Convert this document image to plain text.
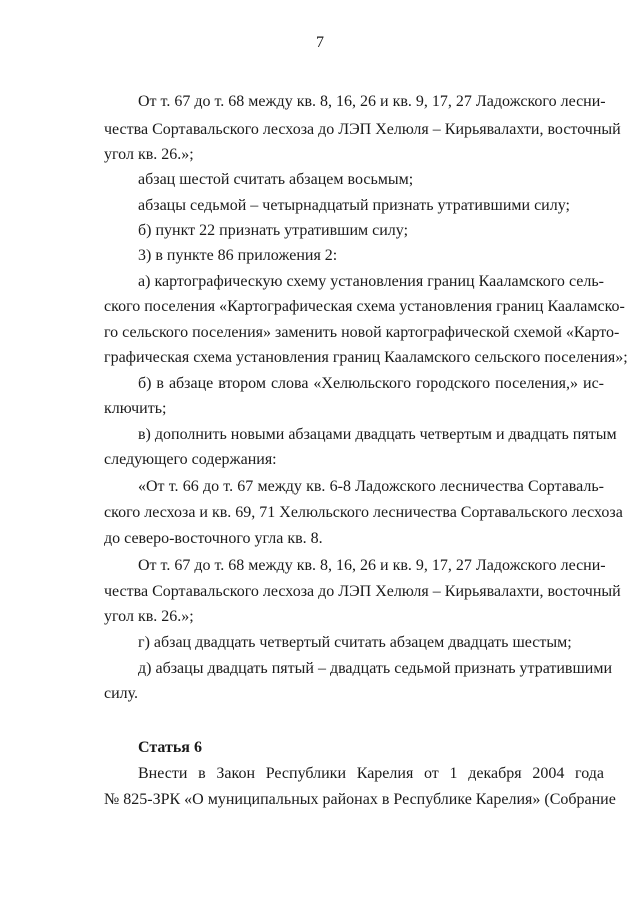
7
От т. 67 до т. 68 между кв. 8, 16, 26 и кв. 9, 17, 27 Ладожского лесни-
чества Сортавальского лесхоза до ЛЭП Хелюля – Кирьявалахти, восточный
угол кв. 26.»;
абзац шестой считать абзацем восьмым;
абзацы седьмой – четырнадцатый признать утратившими силу;
б) пункт 22 признать утратившим силу;
3) в пункте 86 приложения 2:
а) картографическую схему установления границ Кааламского сель-
ского поселения «Картографическая схема установления границ Кааламско-
го сельского поселения» заменить новой картографической схемой «Карто-
графическая схема установления границ Кааламского сельского поселения»;
б) в абзаце втором слова «Хелюльского городского поселения,» ис-
ключить;
в) дополнить новыми абзацами двадцать четвертым и двадцать пятым
следующего содержания:
«От т. 66 до т. 67 между кв. 6-8 Ладожского лесничества Сортаваль-
ского лесхоза и кв. 69, 71 Хелюльского лесничества Сортавальского лесхоза
до северо-восточного угла кв. 8.
От т. 67 до т. 68 между кв. 8, 16, 26 и кв. 9, 17, 27 Ладожского лесни-
чества Сортавальского лесхоза до ЛЭП Хелюля – Кирьявалахти, восточный
угол кв. 26.»;
г) абзац двадцать четвертый считать абзацем двадцать шестым;
д) абзацы двадцать пятый – двадцать седьмой признать утратившими
силу.
Статья 6
Внести в Закон Республики Карелия от 1 декабря 2004 года
№ 825-ЗРК «О муниципальных районах в Республике Карелия» (Собрание
